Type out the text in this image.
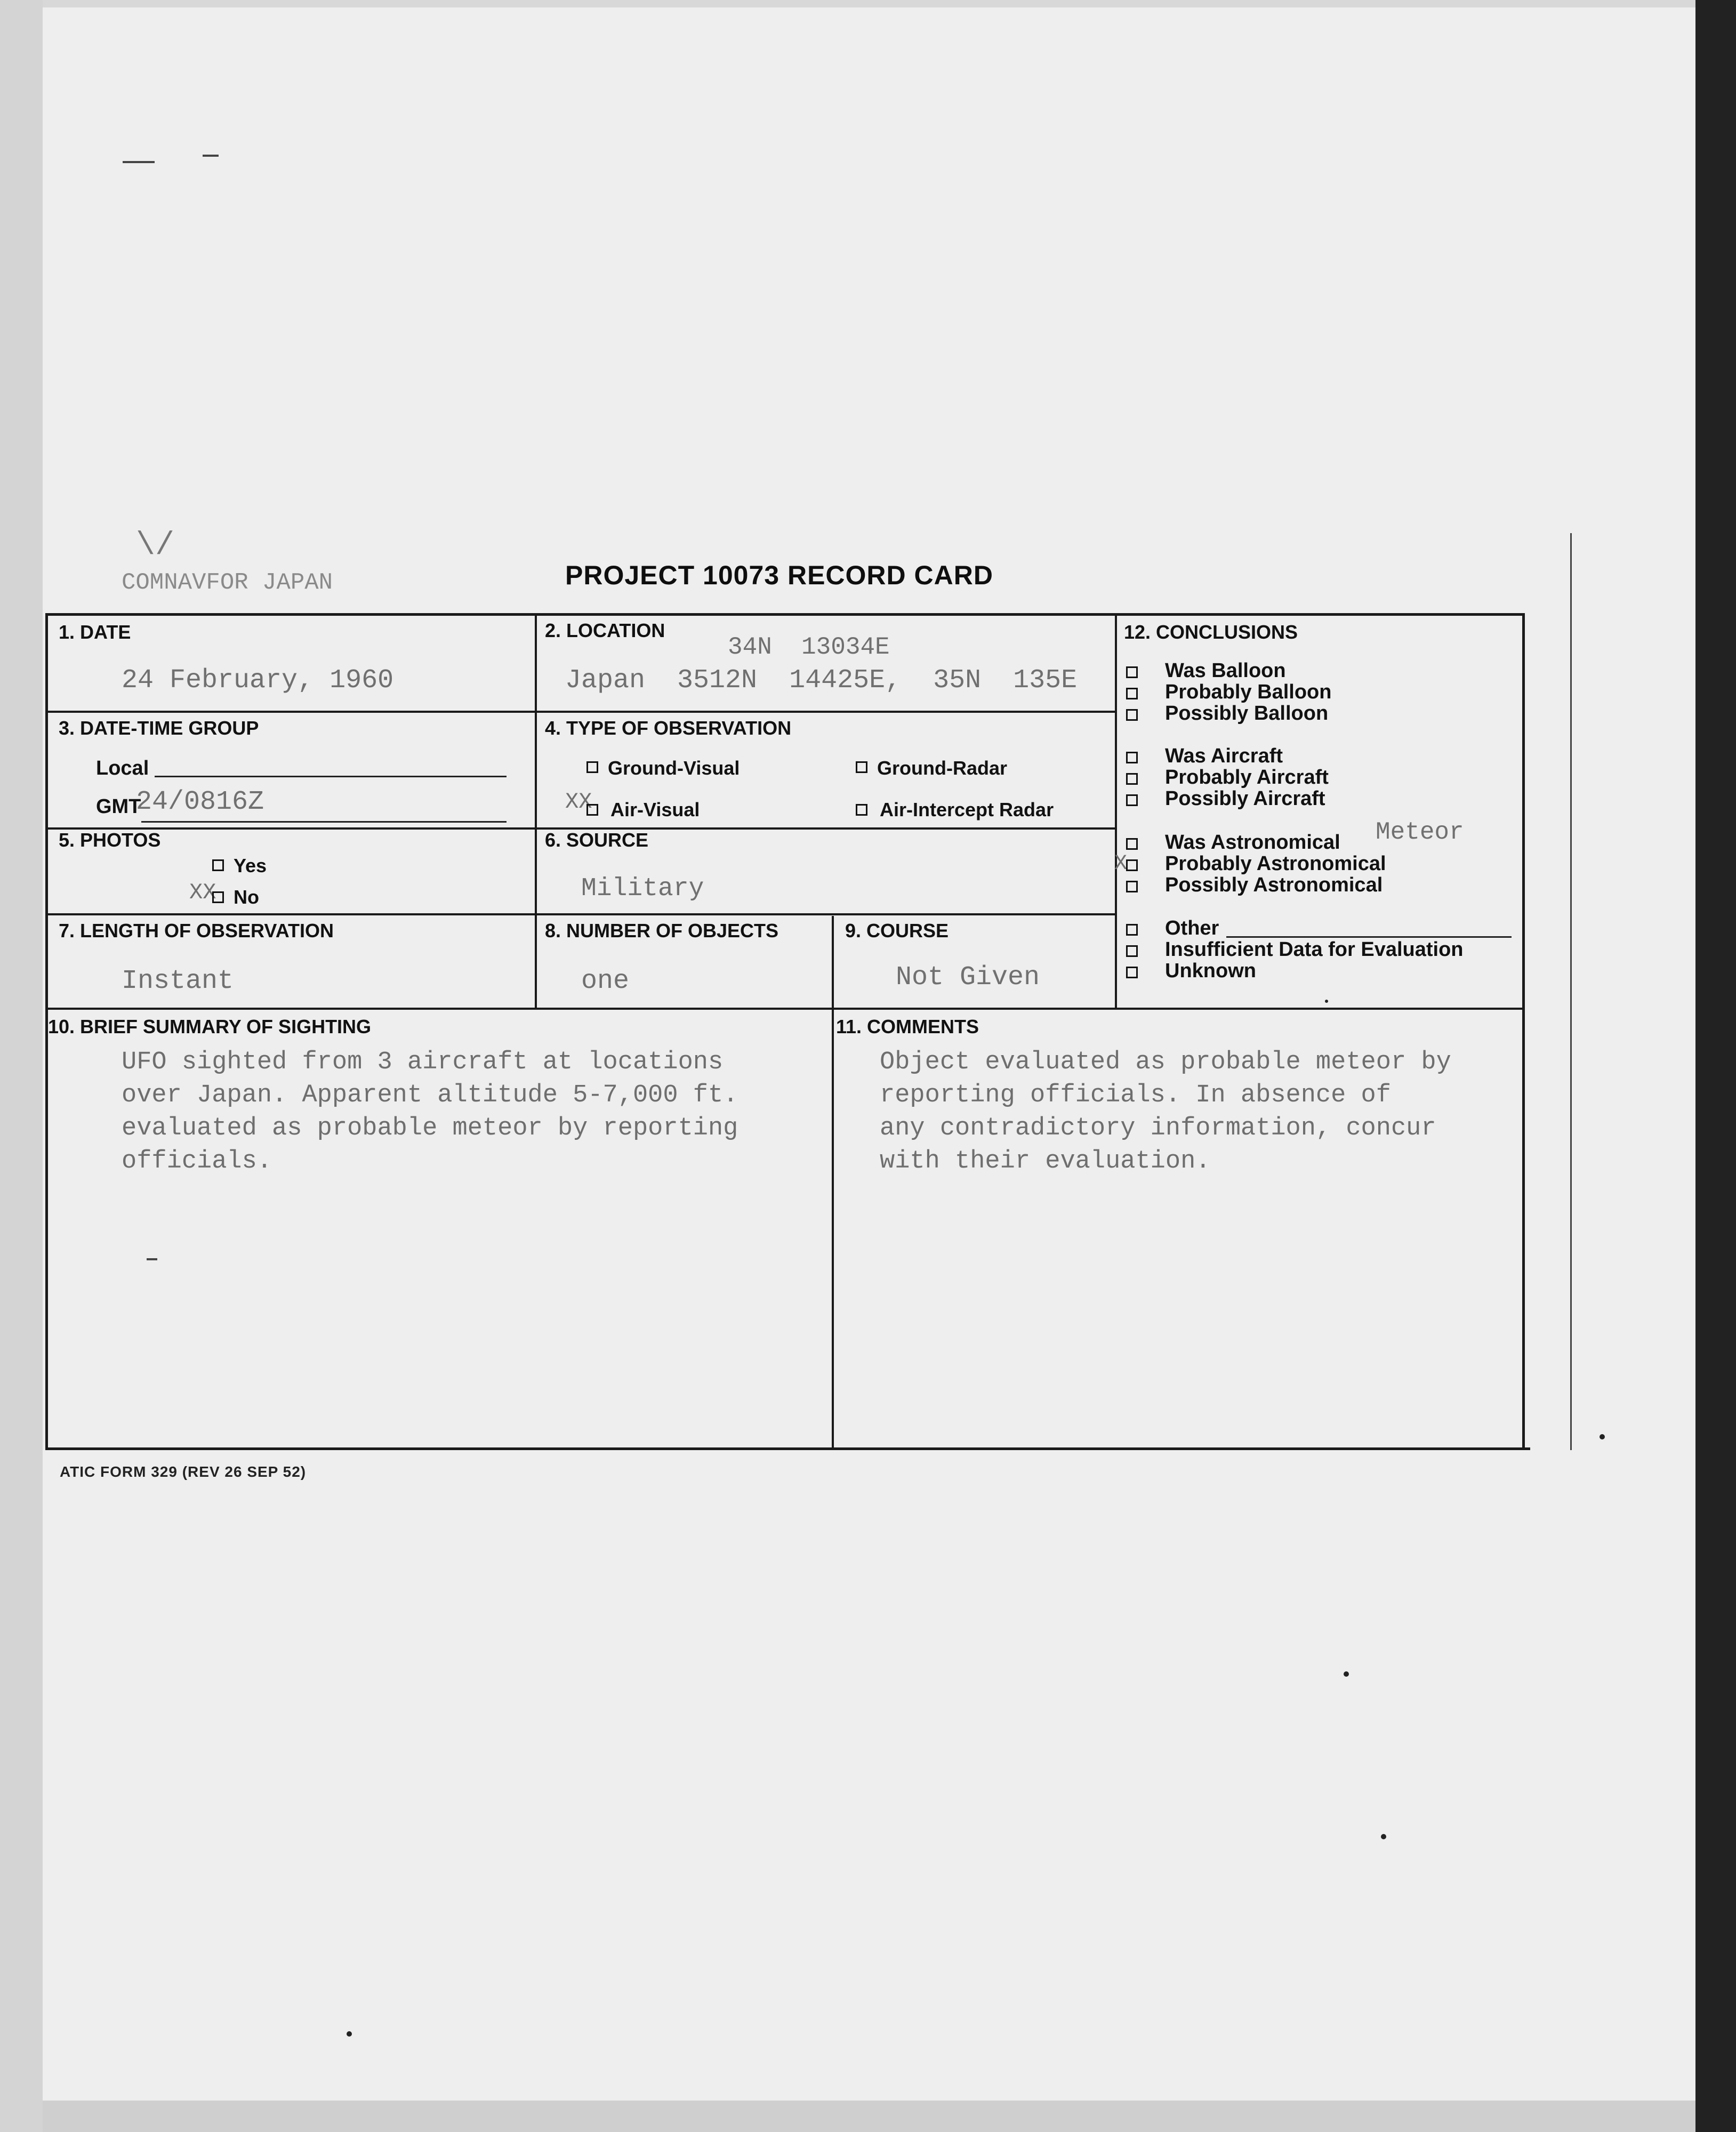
\/
COMNAVFOR JAPAN	PROJECT 10073 RECORD CARD
1. DATE
24 February, 1960
2. LOCATION
34N  13034E
Japan  3512N  14425E,  35N  135E
3. DATE-TIME GROUP
Local
GMT
24/0816Z
4. TYPE OF OBSERVATION
Ground-Visual	Ground-Radar
XX Air-Visual	Air-Intercept Radar
5. PHOTOS
Yes
XX No
6. SOURCE
Military
7. LENGTH OF OBSERVATION
Instant
8. NUMBER OF OBJECTS
one
9. COURSE
Not Given
10. BRIEF SUMMARY OF SIGHTING
UFO sighted from 3 aircraft at locations
over Japan. Apparent altitude 5-7,000 ft.
evaluated as probable meteor by reporting
officials.
11. COMMENTS
Object evaluated as probable meteor by
reporting officials. In absence of
any contradictory information, concur
with their evaluation.
12. CONCLUSIONS
Was Balloon
Probably Balloon
Possibly Balloon
Was Aircraft
Probably Aircraft
Possibly Aircraft
Was Astronomical Meteor
X Probably Astronomical
Possibly Astronomical
Other
Insufficient Data for Evaluation
Unknown
ATIC FORM 329 (REV 26 SEP 52)
